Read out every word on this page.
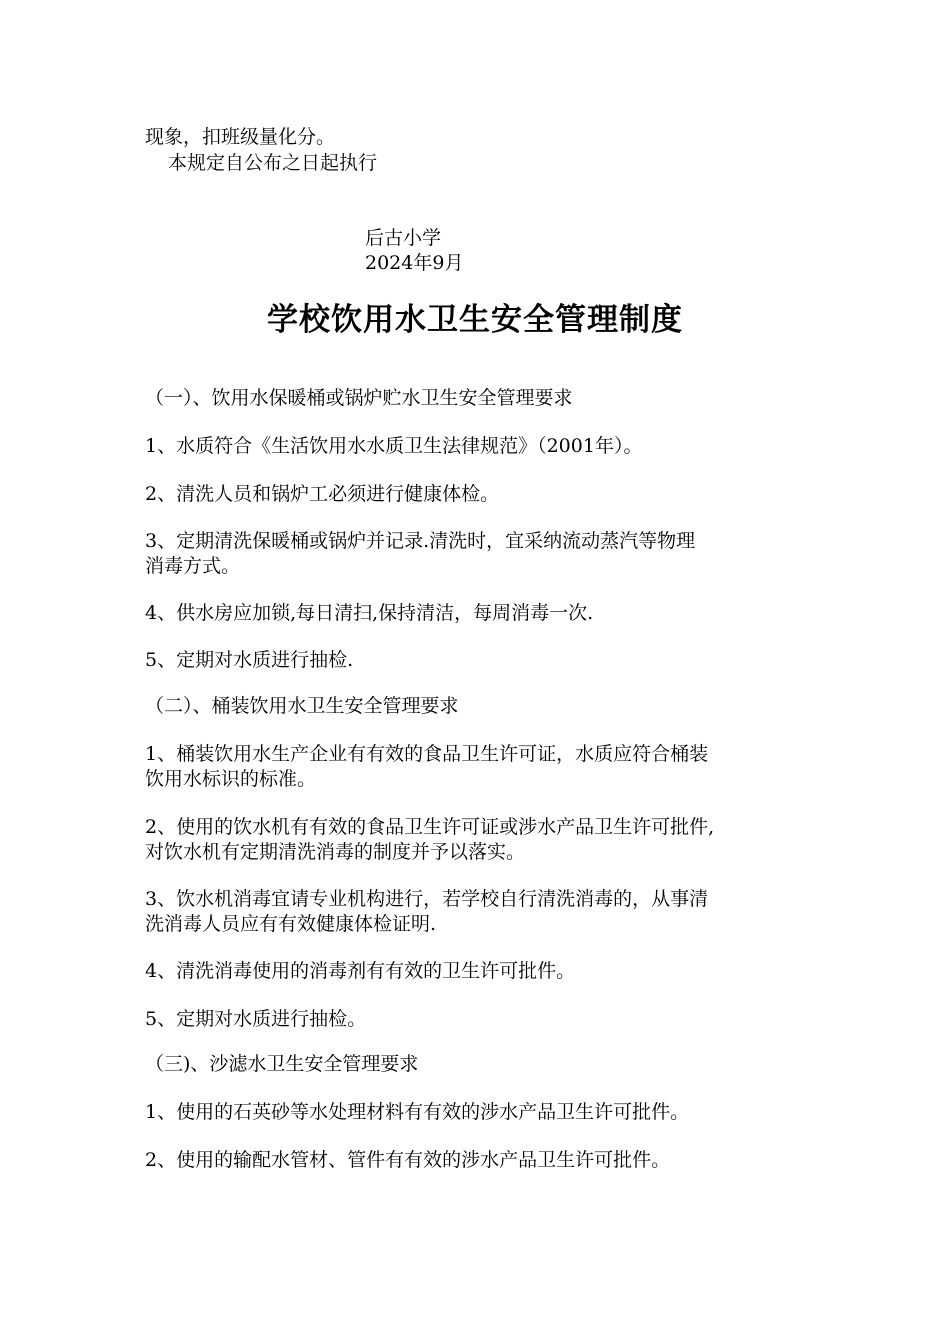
现象，扣班级量化分。
本规定自公布之日起执行
后古小学
2024年9月
学校饮用水卫生安全管理制度
（一）、饮用水保暖桶或锅炉贮水卫生安全管理要求
1、水质符合《生活饮用水水质卫生法律规范》（2001年）。
2、清洗人员和锅炉工必须进行健康体检。
3、定期清洗保暖桶或锅炉并记录.清洗时，宜采纳流动蒸汽等物理
消毒方式。
4、供水房应加锁,每日清扫,保持清洁，每周消毒一次.
5、定期对水质进行抽检.
（二）、桶装饮用水卫生安全管理要求
1、桶装饮用水生产企业有有效的食品卫生许可证，水质应符合桶装
饮用水标识的标准。
2、使用的饮水机有有效的食品卫生许可证或涉水产品卫生许可批件,
对饮水机有定期清洗消毒的制度并予以落实。
3、饮水机消毒宜请专业机构进行，若学校自行清洗消毒的，从事清
洗消毒人员应有有效健康体检证明.
4、清洗消毒使用的消毒剂有有效的卫生许可批件。
5、定期对水质进行抽检。
（三)、沙滤水卫生安全管理要求
1、使用的石英砂等水处理材料有有效的涉水产品卫生许可批件。
2、使用的输配水管材、管件有有效的涉水产品卫生许可批件。
